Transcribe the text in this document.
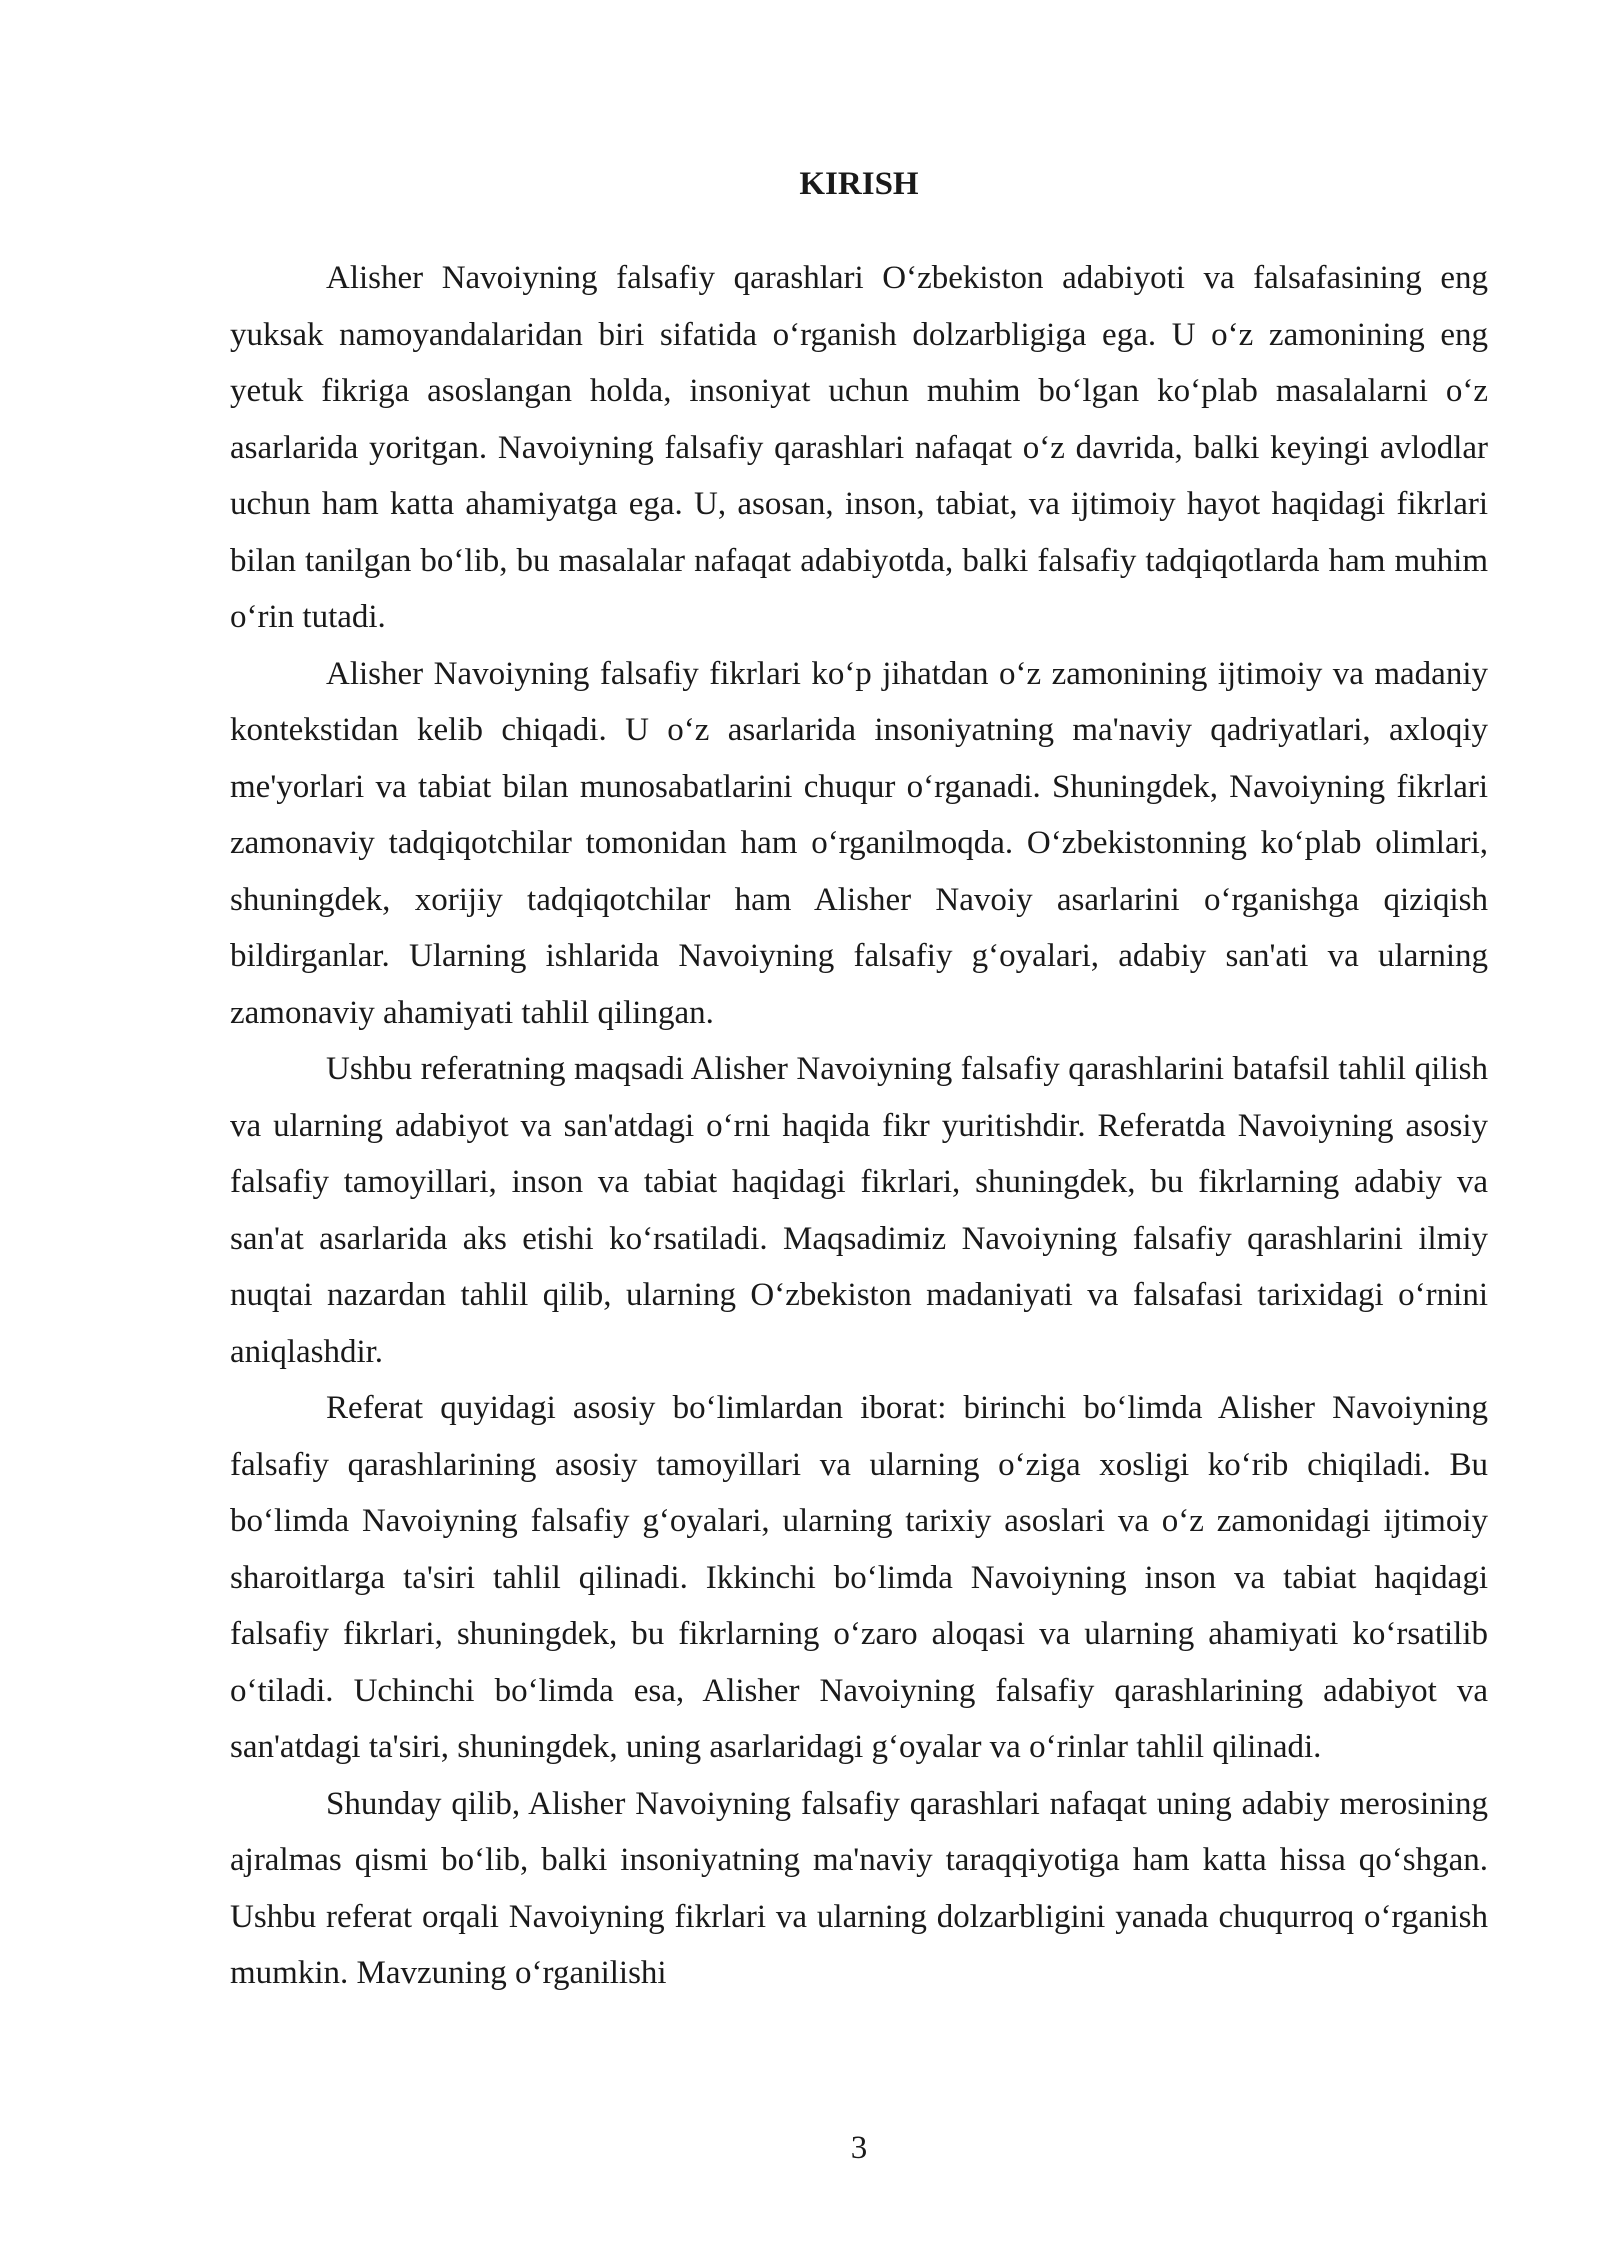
KIRISH

Alisher Navoiyning falsafiy qarashlari O‘zbekiston adabiyoti va falsafasining eng yuksak namoyandalaridan biri sifatida o‘rganish dolzarbligiga ega. U o‘z zamonining eng yetuk fikriga asoslangan holda, insoniyat uchun muhim bo‘lgan ko‘plab masalalarni o‘z asarlarida yoritgan. Navoiyning falsafiy qarashlari nafaqat o‘z davrida, balki keyingi avlodlar uchun ham katta ahamiyatga ega. U, asosan, inson, tabiat, va ijtimoiy hayot haqidagi fikrlari bilan tanilgan bo‘lib, bu masalalar nafaqat adabiyotda, balki falsafiy tadqiqotlarda ham muhim o‘rin tutadi.

Alisher Navoiyning falsafiy fikrlari ko‘p jihatdan o‘z zamonining ijtimoiy va madaniy kontekstidan kelib chiqadi. U o‘z asarlarida insoniyatning ma'naviy qadriyatlari, axloqiy me'yorlari va tabiat bilan munosabatlarini chuqur o‘rganadi. Shuningdek, Navoiyning fikrlari zamonaviy tadqiqotchilar tomonidan ham o‘rganilmoqda. O‘zbekistonning ko‘plab olimlari, shuningdek, xorijiy tadqiqotchilar ham Alisher Navoiy asarlarini o‘rganishga qiziqish bildirganlar. Ularning ishlarida Navoiyning falsafiy g‘oyalari, adabiy san'ati va ularning zamonaviy ahamiyati tahlil qilingan.

Ushbu referatning maqsadi Alisher Navoiyning falsafiy qarashlarini batafsil tahlil qilish va ularning adabiyot va san'atdagi o‘rni haqida fikr yuritishdir. Referatda Navoiyning asosiy falsafiy tamoyillari, inson va tabiat haqidagi fikrlari, shuningdek, bu fikrlarning adabiy va san'at asarlarida aks etishi ko‘rsatiladi. Maqsadimiz Navoiyning falsafiy qarashlarini ilmiy nuqtai nazardan tahlil qilib, ularning O‘zbekiston madaniyati va falsafasi tarixidagi o‘rnini aniqlashdir.

Referat quyidagi asosiy bo‘limlardan iborat: birinchi bo‘limda Alisher Navoiyning falsafiy qarashlarining asosiy tamoyillari va ularning o‘ziga xosligi ko‘rib chiqiladi. Bu bo‘limda Navoiyning falsafiy g‘oyalari, ularning tarixiy asoslari va o‘z zamonidagi ijtimoiy sharoitlarga ta'siri tahlil qilinadi. Ikkinchi bo‘limda Navoiyning inson va tabiat haqidagi falsafiy fikrlari, shuningdek, bu fikrlarning o‘zaro aloqasi va ularning ahamiyati ko‘rsatilib o‘tiladi. Uchinchi bo‘limda esa, Alisher Navoiyning falsafiy qarashlarining adabiyot va san'atdagi ta'siri, shuningdek, uning asarlaridagi g‘oyalar va o‘rinlar tahlil qilinadi.

Shunday qilib, Alisher Navoiyning falsafiy qarashlari nafaqat uning adabiy merosining ajralmas qismi bo‘lib, balki insoniyatning ma'naviy taraqqiyotiga ham katta hissa qo‘shgan. Ushbu referat orqali Navoiyning fikrlari va ularning dolzarbligini yanada chuqurroq o‘rganish mumkin. Mavzuning o‘rganilishi

3
